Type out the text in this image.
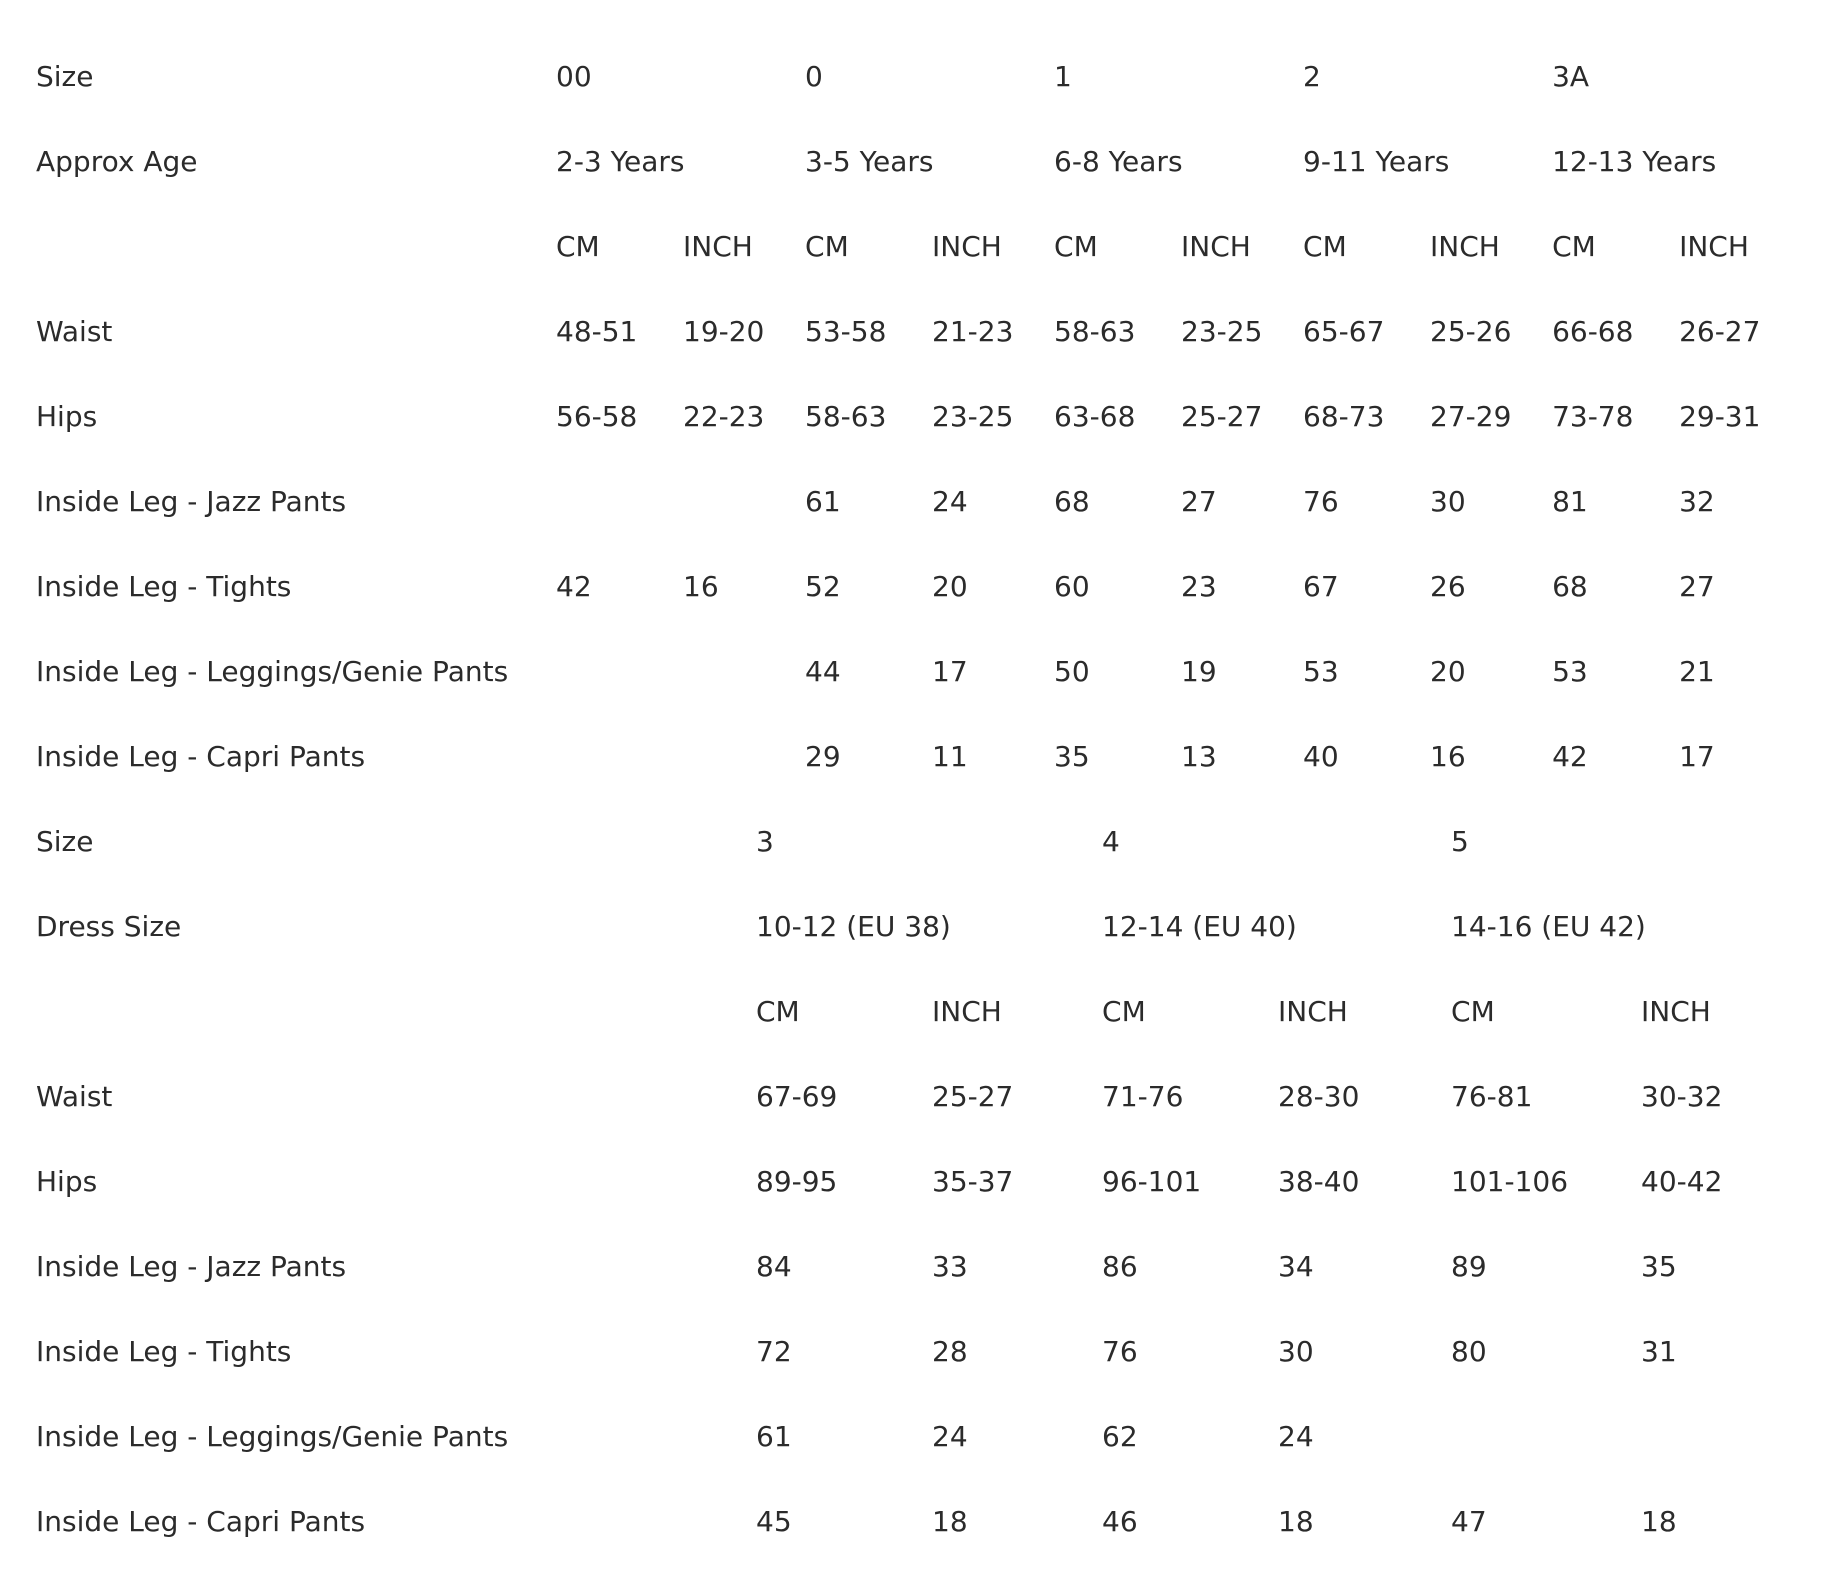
Size	00		0		1		2		3A	
Approx Age	2-3 Years		3-5 Years		6-8 Years		9-11 Years		12-13 Years	
	CM	INCH	CM	INCH	CM	INCH	CM	INCH	CM	INCH
Waist	48-51	19-20	53-58	21-23	58-63	23-25	65-67	25-26	66-68	26-27
Hips	56-58	22-23	58-63	23-25	63-68	25-27	68-73	27-29	73-78	29-31
Inside Leg - Jazz Pants			61	24	68	27	76	30	81	32
Inside Leg - Tights	42	16	52	20	60	23	67	26	68	27
Inside Leg - Leggings/Genie Pants			44	17	50	19	53	20	53	21
Inside Leg - Capri Pants			29	11	35	13	40	16	42	17
Size	3		4		5	
Dress Size	10-12 (EU 38)		12-14 (EU 40)		14-16 (EU 42)	
	CM	INCH	CM	INCH	CM	INCH
Waist	67-69	25-27	71-76	28-30	76-81	30-32
Hips	89-95	35-37	96-101	38-40	101-106	40-42
Inside Leg - Jazz Pants	84	33	86	34	89	35
Inside Leg - Tights	72	28	76	30	80	31
Inside Leg - Leggings/Genie Pants	61	24	62	24		
Inside Leg - Capri Pants	45	18	46	18	47	18
